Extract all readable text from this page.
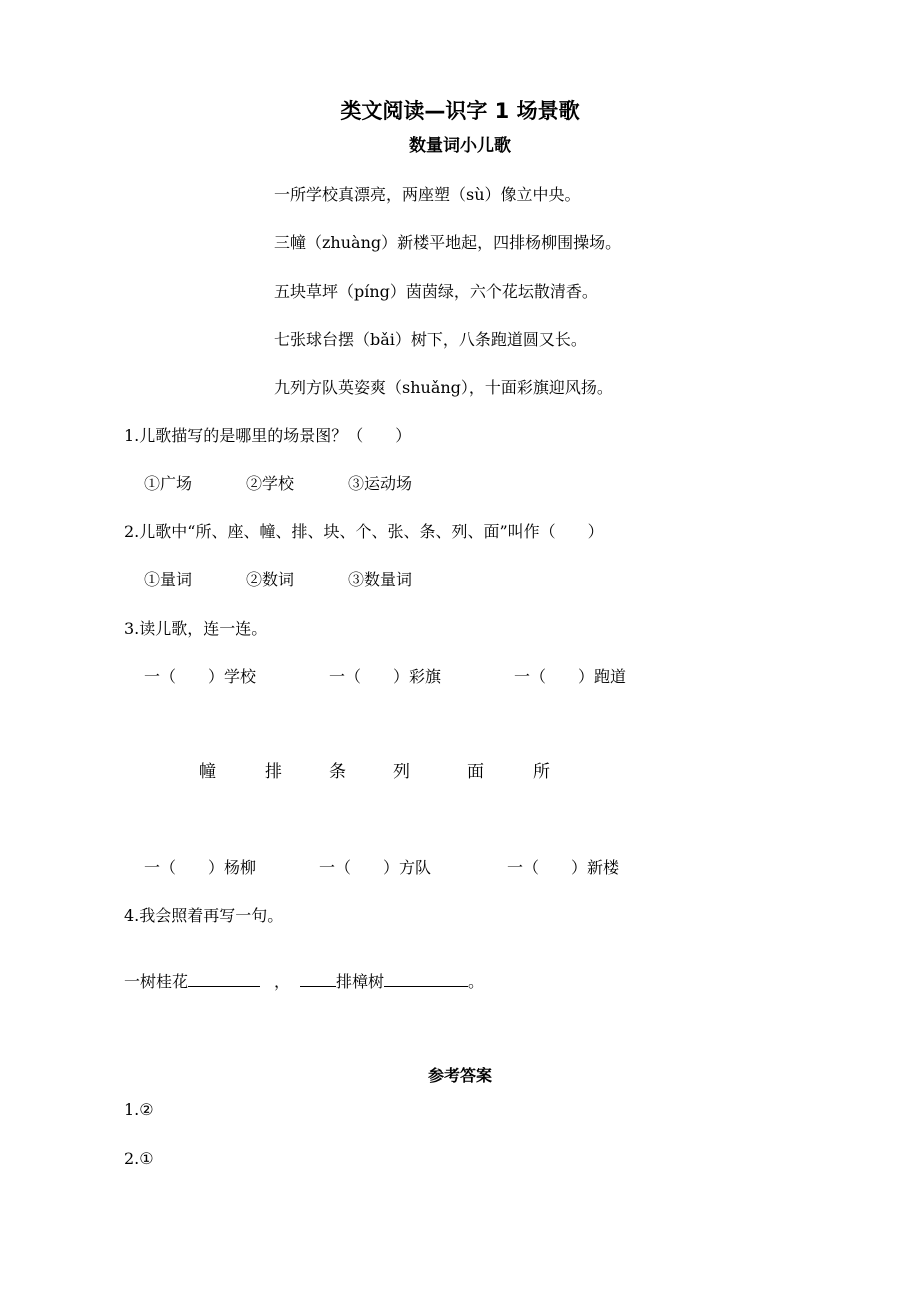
类文阅读—识字 1 场景歌
数量词小儿歌
一所学校真漂亮，两座塑（sù）像立中央。
三幢（zhuàng）新楼平地起，四排杨柳围操场。
五块草坪（píng）茵茵绿，六个花坛散清香。
七张球台摆（bǎi）树下，八条跑道圆又长。
九列方队英姿爽（shuǎng），十面彩旗迎风扬。
1.儿歌描写的是哪里的场景图？（　　）
①广场	②学校	③运动场
2.儿歌中“所、座、幢、排、块、个、张、条、列、面”叫作（　　）
①量词	②数词	③数量词
3.读儿歌，连一连。
一（　　）学校	一（　　）彩旗	一（　　）跑道
幢	排	条	列	面	所
一（　　）杨柳	一（　　）方队	一（　　）新楼
4.我会照着再写一句。
一树桂花	，	排樟树	。
参考答案
1.②
2.①
